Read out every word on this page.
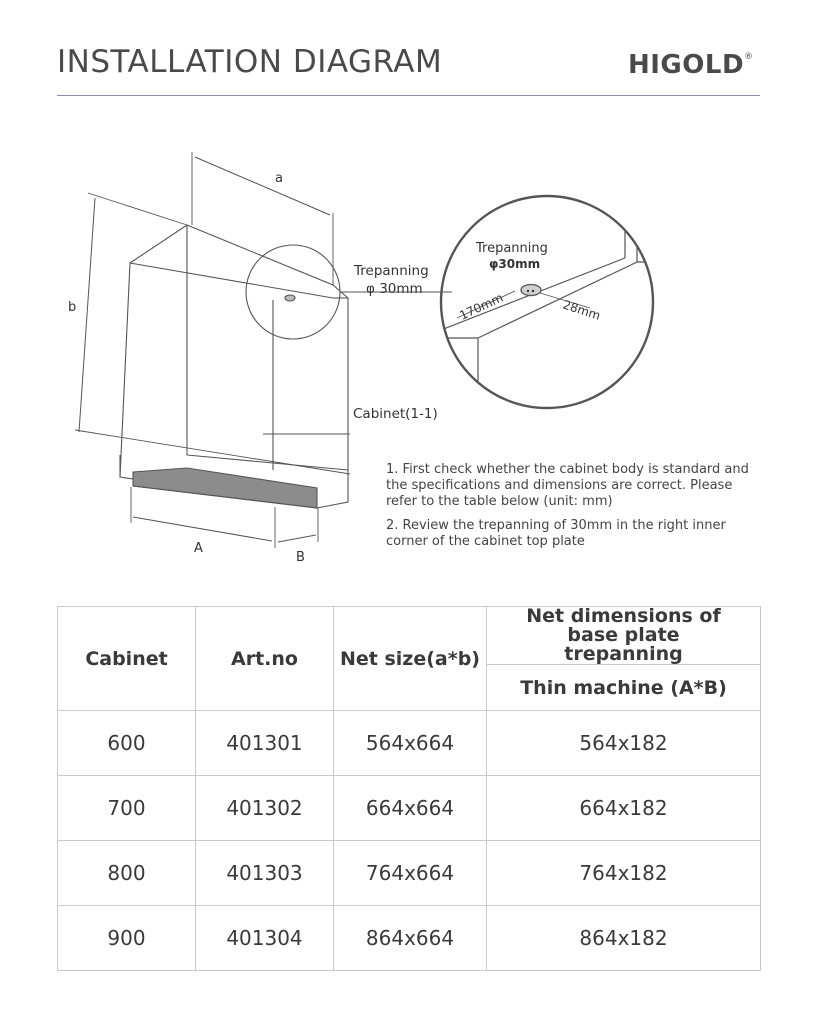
INSTALLATION DIAGRAM	HIGOLD®
a
b
A
B
Trepanning
φ 30mm
Cabinet(1-1)
Trepanning
φ30mm
170mm	28mm

1. First check whether the cabinet body is standard and the specifications and dimensions are correct. Please refer to the table below (unit: mm)

2. Review the trepanning of 30mm in the right inner corner of the cabinet top plate

Cabinet	Art.no	Net size(a*b)	Net dimensions of base plate trepanning
			Thin machine (A*B)
600	401301	564x664	564x182
700	401302	664x664	664x182
800	401303	764x664	764x182
900	401304	864x664	864x182
